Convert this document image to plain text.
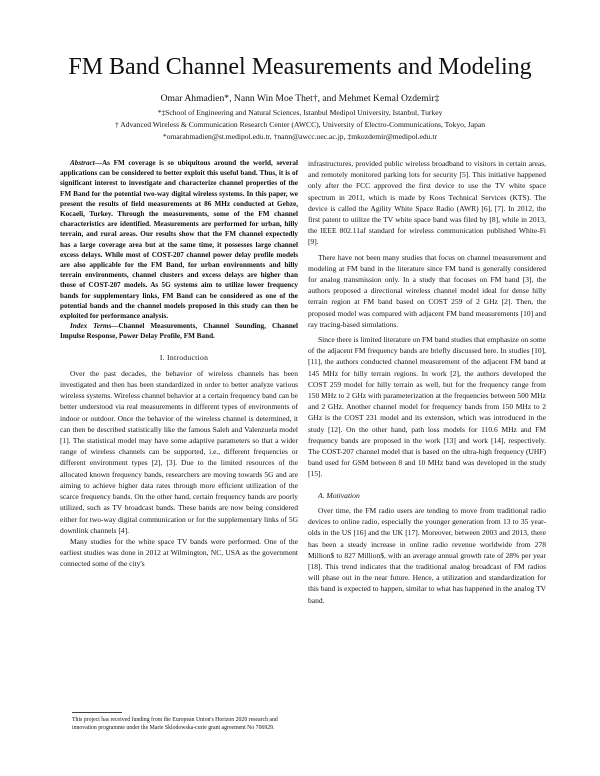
FM Band Channel Measurements and Modeling
Omar Ahmadien*, Nann Win Moe Thet†, and Mehmet Kemal Ozdemir‡
*‡School of Engineering and Natural Sciences, Istanbul Medipol University, Istanbul, Turkey
† Advanced Wireless & Communication Research Center (AWCC), University of Electro-Communications, Tokyo, Japan
*omarahmadien@st.medipol.edu.tr, †nann@awcc.uec.ac.jp, ‡mkozdemir@medipol.edu.tr

Abstract—As FM coverage is so ubiquitous around the world, several applications can be considered to better exploit this useful band. Thus, it is of significant interest to investigate and characterize channel properties of the FM Band for the potential two-way digital wireless systems. In this paper, we present the results of field measurements at 86 MHz conducted at Gebze, Kocaeli, Turkey. Through the measurements, some of the FM channel characteristics are identified. Measurements are performed for urban, hilly terrain, and rural areas. Our results show that the FM channel expectedly has a large coverage area but at the same time, it possesses large channel excess delays. While most of COST-207 channel power delay profile models are also applicable for the FM Band, for urban environments and hilly terrain environments, channel clusters and excess delays are higher than those of COST-207 models. As 5G systems aim to utilize lower frequency bands for supplementary links, FM Band can be considered as one of the potential bands and the channel models proposed in this study can then be exploited for performance analysis.

Index Terms—Channel Measurements, Channel Sounding, Channel Impulse Response, Power Delay Profile, FM Band.

I. Introduction

Over the past decades, the behavior of wireless channels has been investigated and then has been standardized in order to better analyze various wireless systems. Wireless channel behavior at a certain frequency band can be better understood via real measurements in different types of environments of indoor or outdoor. Once the behavior of the wireless channel is determined, it can then be described statistically like the famous Saleh and Valenzuela model [1]. The statistical model may have some adaptive parameters so that a wider range of wireless channels can be supported, i.e., different frequencies or different environment types [2], [3]. Due to the limited resources of the allocated known frequency bands, researchers are moving towards 5G and are aiming to achieve higher data rates through more efficient utilization of the scarce frequency bands. On the other hand, certain frequency bands are poorly utilized, such as TV broadcast bands. These bands are now being considered either for two-way digital communication or for the supplementary links of 5G downlink channels [4].

Many studies for the white space TV bands were performed. One of the earliest studies was done in 2012 at Wilmington, NC, USA as the government connected some of the city's

This project has received funding from the European Union's Horizon 2020 research and innovation programme under the Marie Sklodowska-curie grant agreement No 706929.

infrastructures, provided public wireless broadband to visitors in certain areas, and remotely monitored parking lots for security [5]. This initiative happened only after the FCC approved the first device to use the TV white space spectrum in 2011, which is made by Koos Technical Services (KTS). The device is called the Agility White Space Radio (AWR) [6], [7]. In 2012, the first patent to utilize the TV white space band was filed by [8], while in 2013, the IEEE 802.11af standard for wireless communication published White-Fi [9].

There have not been many studies that focus on channel measurement and modeling at FM band in the literature since FM band is generally considered for analog transmission only. In a study that focuses on FM band [3], the authors proposed a directional wireless channel model ideal for dense hilly terrain region at FM band based on COST 259 of 2 GHz [2]. Then, the proposed model was compared with adjacent FM band measurements [10] and ray tracing-based simulations.

Since there is limited literature on FM band studies that emphasize on some of the adjacent FM frequency bands are briefly discussed here. In studies [10], [11], the authors conducted channel measurement of the adjacent FM band at 145 MHz for hilly terrain regions. In work [2], the authors developed the COST 259 model for hilly terrain as well, but for the frequency range from 150 MHz to 2 GHz with parameterization at the frequencies between 500 MHz and 2 GHz. Another channel model for frequency bands from 150 MHz to 2 GHz is the COST 231 model and its extension, which was introduced in the study [12]. On the other hand, path loss models for 110.6 MHz and FM frequency bands are proposed in the work [13] and work [14], respectively. The COST-207 channel model that is based on the ultra-high frequency (UHF) band used for GSM between 8 and 10 MHz band was developed in the study [15].

A. Motivation

Over time, the FM radio users are tending to move from traditional radio devices to online radio, especially the younger generation from 13 to 35 year-olds in the US [16] and the UK [17]. Moreover, between 2003 and 2013, there has been a steady increase in online radio revenue worldwide from 278 Million$ to 827 Million$, with an average annual growth rate of 28% per year [18]. This trend indicates that the traditional analog broadcast of FM radios will phase out in the near future. Hence, a utilization and standardization for this band is expected to happen, similar to what has happened in the analog TV band.
